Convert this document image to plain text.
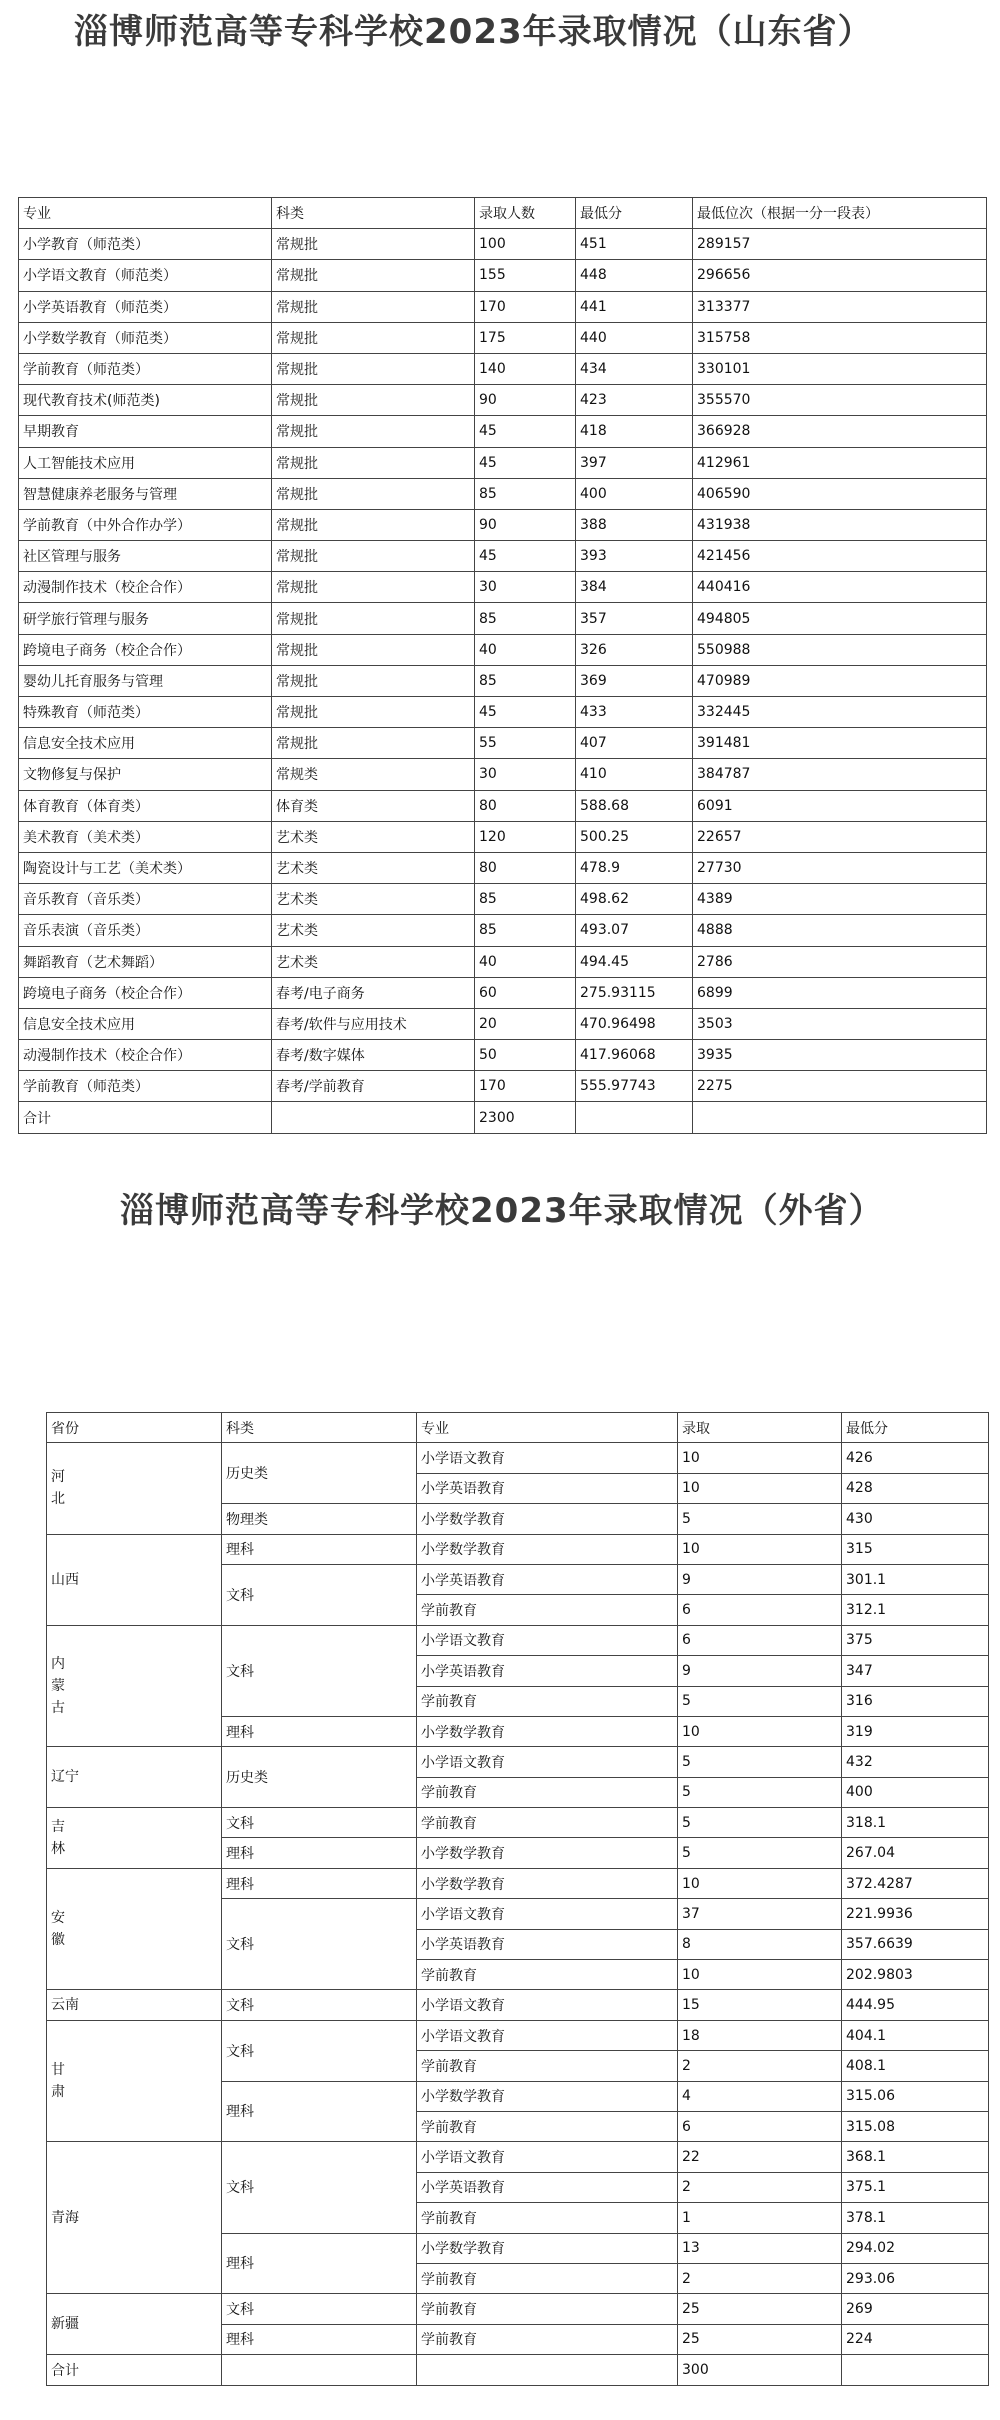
淄博师范高等专科学校2023年录取情况（山东省）
专业	科类	录取人数	最低分	最低位次（根据一分一段表）
小学教育（师范类）	常规批	100	451	289157
小学语文教育（师范类）	常规批	155	448	296656
小学英语教育（师范类）	常规批	170	441	313377
小学数学教育（师范类）	常规批	175	440	315758
学前教育（师范类）	常规批	140	434	330101
现代教育技术(师范类)	常规批	90	423	355570
早期教育	常规批	45	418	366928
人工智能技术应用	常规批	45	397	412961
智慧健康养老服务与管理	常规批	85	400	406590
学前教育（中外合作办学）	常规批	90	388	431938
社区管理与服务	常规批	45	393	421456
动漫制作技术（校企合作）	常规批	30	384	440416
研学旅行管理与服务	常规批	85	357	494805
跨境电子商务（校企合作）	常规批	40	326	550988
婴幼儿托育服务与管理	常规批	85	369	470989
特殊教育（师范类）	常规批	45	433	332445
信息安全技术应用	常规批	55	407	391481
文物修复与保护	常规类	30	410	384787
体育教育（体育类）	体育类	80	588.68	6091
美术教育（美术类）	艺术类	120	500.25	22657
陶瓷设计与工艺（美术类）	艺术类	80	478.9	27730
音乐教育（音乐类）	艺术类	85	498.62	4389
音乐表演（音乐类）	艺术类	85	493.07	4888
舞蹈教育（艺术舞蹈）	艺术类	40	494.45	2786
跨境电子商务（校企合作）	春考/电子商务	60	275.93115	6899
信息安全技术应用	春考/软件与应用技术	20	470.96498	3503
动漫制作技术（校企合作）	春考/数字媒体	50	417.96068	3935
学前教育（师范类）	春考/学前教育	170	555.97743	2275
合计		2300		
淄博师范高等专科学校2023年录取情况（外省）
省份	科类	专业	录取	最低分
河
北	历史类	小学语文教育	10	426
		小学英语教育	10	428
	物理类	小学数学教育	5	430
山西	理科	小学数学教育	10	315
	文科	小学英语教育	9	301.1
		学前教育	6	312.1
内
蒙
古	文科	小学语文教育	6	375
		小学英语教育	9	347
		学前教育	5	316
	理科	小学数学教育	10	319
辽宁	历史类	小学语文教育	5	432
		学前教育	5	400
吉
林	文科	学前教育	5	318.1
	理科	小学数学教育	5	267.04
安
徽	理科	小学数学教育	10	372.4287
	文科	小学语文教育	37	221.9936
		小学英语教育	8	357.6639
		学前教育	10	202.9803
云南	文科	小学语文教育	15	444.95
甘
肃	文科	小学语文教育	18	404.1
		学前教育	2	408.1
	理科	小学数学教育	4	315.06
		学前教育	6	315.08
青海	文科	小学语文教育	22	368.1
		小学英语教育	2	375.1
		学前教育	1	378.1
	理科	小学数学教育	13	294.02
		学前教育	2	293.06
新疆	文科	学前教育	25	269
	理科	学前教育	25	224
合计			300	
